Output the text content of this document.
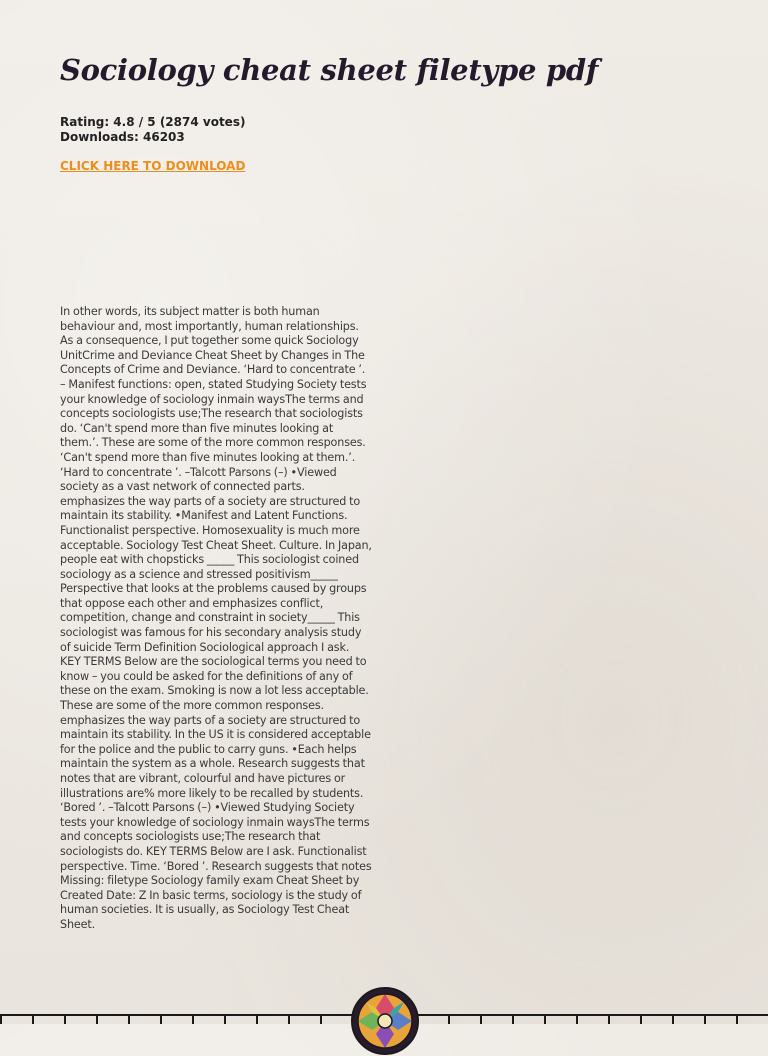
Sociology cheat sheet filetype pdf
Rating: 4.8 / 5 (2874 votes)
Downloads: 46203
CLICK HERE TO DOWNLOAD

In other words, its subject matter is both human behaviour and, most importantly, human relationships. As a consequence, I put together some quick Sociology UnitCrime and Deviance Cheat Sheet by Changes in The Concepts of Crime and Deviance. ‘Hard to concentrate ’. – Manifest functions: open, stated Studying Society tests your knowledge of sociology inmain waysThe terms and concepts sociologists use;The research that sociologists do. ‘Can't spend more than five minutes looking at them.’. These are some of the more common responses. ‘Can't spend more than five minutes looking at them.’. ‘Hard to concentrate ’. –Talcott Parsons (–) •Viewed society as a vast network of connected parts. emphasizes the way parts of a society are structured to maintain its stability. •Manifest and Latent Functions. Functionalist perspective. Homosexuality is much more acceptable. Sociology Test Cheat Sheet. Culture. In Japan, people eat with chopsticks _____ This sociologist coined sociology as a science and stressed positivism_____ Perspective that looks at the problems caused by groups that oppose each other and emphasizes conflict, competition, change and constraint in society_____ This sociologist was famous for his secondary analysis study of suicide Term Definition Sociological approach I ask. KEY TERMS Below are the sociological terms you need to know – you could be asked for the definitions of any of these on the exam. Smoking is now a lot less acceptable. These are some of the more common responses. emphasizes the way parts of a society are structured to maintain its stability. In the US it is considered acceptable for the police and the public to carry guns. •Each helps maintain the system as a whole. Research suggests that notes that are vibrant, colourful and have pictures or illustrations are% more likely to be recalled by students. ‘Bored ’. –Talcott Parsons (–) •Viewed Studying Society tests your knowledge of sociology inmain waysThe terms and concepts sociologists use;The research that sociologists do. KEY TERMS Below are I ask. Functionalist perspective. Time. ‘Bored ’. Research suggests that notes Missing: filetype Sociology family exam Cheat Sheet by Created Date: Z In basic terms, sociology is the study of human societies. It is usually, as Sociology Test Cheat Sheet.
